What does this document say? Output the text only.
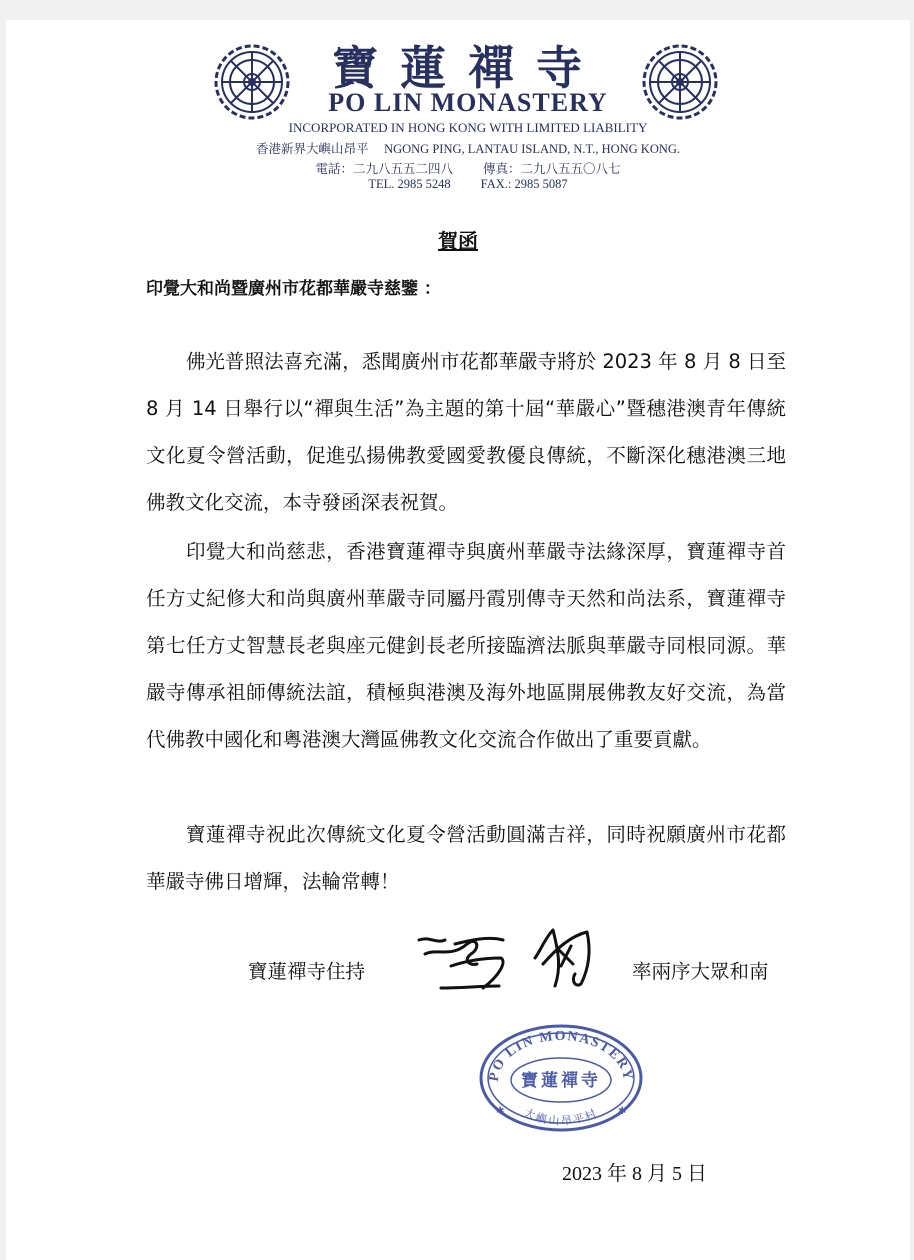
寶蓮禪寺
PO LIN MONASTERY
INCORPORATED IN HONG KONG WITH LIMITED LIABILITY
香港新界大嶼山昂平 NGONG PING, LANTAU ISLAND, N.T., HONG KONG.
電話：二九八五五二四八 傳真：二九八五五〇八七
TEL. 2985 5248 FAX.: 2985 5087
賀函
印覺大和尚暨廣州市花都華嚴寺慈鑒 ：

佛光普照法喜充滿，悉聞廣州市花都華嚴寺將於 2023 年 8 月 8 日至 8 月 14 日舉行以“禪與生活”為主題的第十屆“華嚴心”暨穗港澳青年傳統文化夏令營活動，促進弘揚佛教愛國愛教優良傳統，不斷深化穗港澳三地佛教文化交流，本寺發函深表祝賀。

印覺大和尚慈悲，香港寶蓮禪寺與廣州華嚴寺法緣深厚，寶蓮禪寺首任方丈紀修大和尚與廣州華嚴寺同屬丹霞別傳寺天然和尚法系，寶蓮禪寺第七任方丈智慧長老與座元健釗長老所接臨濟法脈與華嚴寺同根同源。華嚴寺傳承祖師傳統法誼，積極與港澳及海外地區開展佛教友好交流，為當代佛教中國化和粵港澳大灣區佛教文化交流合作做出了重要貢獻。

寶蓮禪寺祝此次傳統文化夏令營活動圓滿吉祥，同時祝願廣州市花都華嚴寺佛日增輝，法輪常轉！

寶蓮禪寺住持	率兩序大眾和南
PO LIN MONASTERY
寶蓮禪寺
大嶼山昂平村
✱	✱
2023 年 8 月 5 日
